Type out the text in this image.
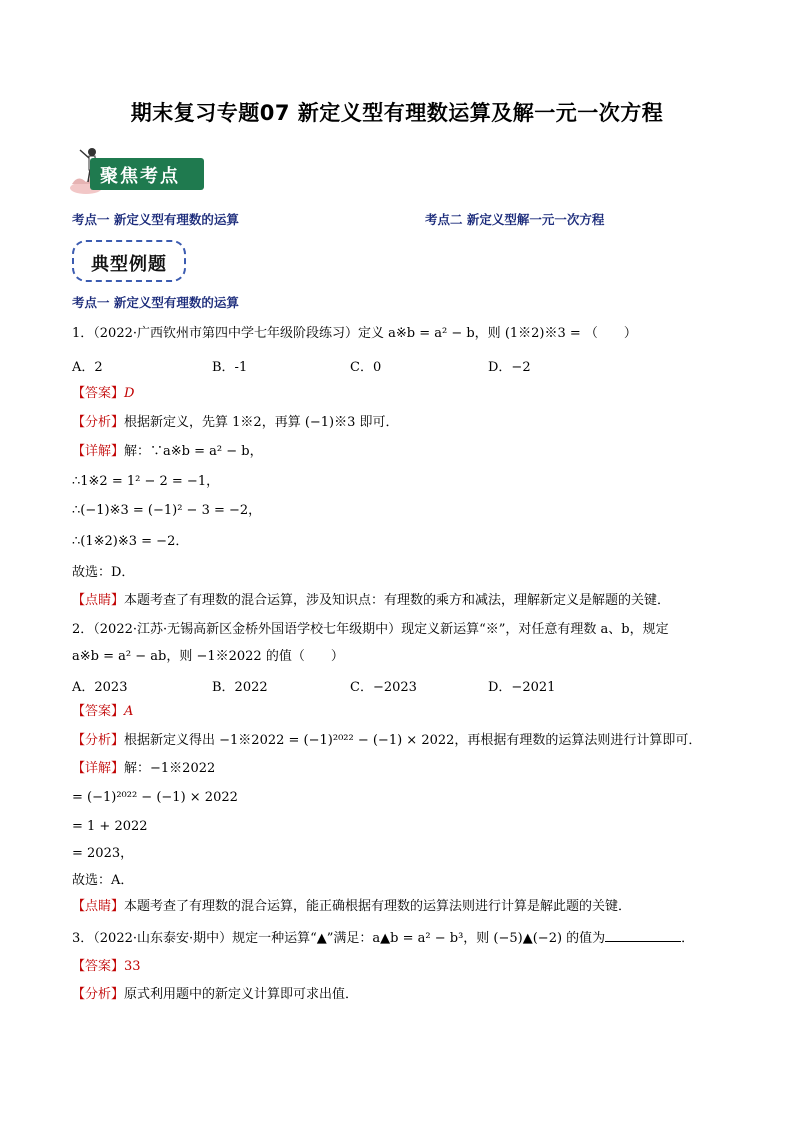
期末复习专题07 新定义型有理数运算及解一元一次方程
聚焦考点
考点一 新定义型有理数的运算	考点二 新定义型解一元一次方程
典型例题
考点一 新定义型有理数的运算
1．（2022·广西钦州市第四中学七年级阶段练习）定义 a※b = a² − b，则 (1※2)※3 = （　　）
A．2	B．-1	C．0	D．−2
【答案】D
【分析】根据新定义，先算 1※2，再算 (−1)※3 即可．
【详解】解：∵a※b = a² − b，
∴1※2 = 1² − 2 = −1，
∴(−1)※3 = (−1)² − 3 = −2，
∴(1※2)※3 = −2．
故选：D．
【点睛】本题考查了有理数的混合运算，涉及知识点：有理数的乘方和减法，理解新定义是解题的关键．
2．（2022·江苏·无锡高新区金桥外国语学校七年级期中）现定义新运算“※”，对任意有理数 a、b，规定
a※b = a² − ab，则 −1※2022 的值（　　）
A．2023	B．2022	C．−2023	D．−2021
【答案】A
【分析】根据新定义得出 −1※2022 = (−1)²⁰²² − (−1) × 2022，再根据有理数的运算法则进行计算即可．
【详解】解：−1※2022
= (−1)²⁰²² − (−1) × 2022
= 1 + 2022
= 2023，
故选：A．
【点睛】本题考查了有理数的混合运算，能正确根据有理数的运算法则进行计算是解此题的关键．
3．（2022·山东泰安·期中）规定一种运算“▲”满足：a▲b = a² − b³，则 (−5)▲(−2) 的值为	．
【答案】33
【分析】原式利用题中的新定义计算即可求出值．
